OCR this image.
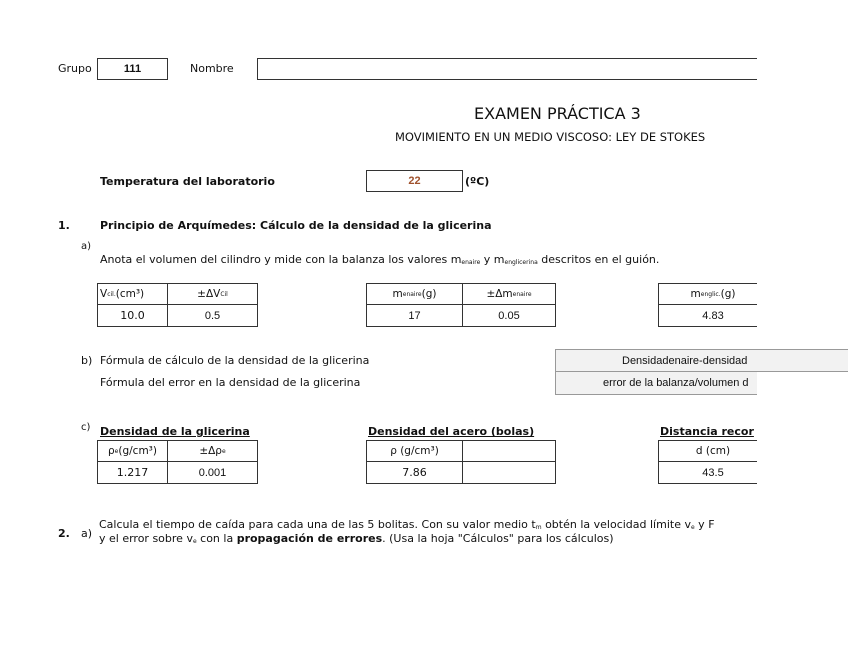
Grupo	111	Nombre
EXAMEN PRÁCTICA 3
MOVIMIENTO EN UN MEDIO VISCOSO: LEY DE STOKES
Temperatura del laboratorio	22	(ºC)
1.	Principio de Arquímedes: Cálculo de la densidad de la glicerina
a)
Anota el volumen del cilindro y mide con la balanza los valores $m_{enaire}$ y $m_{englicerina}$ descritos en el guión.
V cil. (cm³)	±ΔV Cil
10.0	0.5
m enaire (g)	±Δm enaire
17	0.05
m englic. (g)
4.83
b) Fórmula de cálculo de la densidad de la glicerina
Fórmula del error en la densidad de la glicerina
Densidadenaire-densidad
error de la balanza/volumen d
c) Densidad de la glicerina
ρ e (g/cm³)	±Δρ e
1.217	0.001
Densidad del acero (bolas)
ρ (g/cm³)
7.86
Distancia recor
d (cm)
43.5
2. a)
Calcula el tiempo de caída para cada una de las 5 bolitas. Con su valor medio $t_m$ obtén la velocidad límite $v_e$ y F
y el error sobre $v_e$ con la propagación de errores. (Usa la hoja "Cálculos" para los cálculos)
